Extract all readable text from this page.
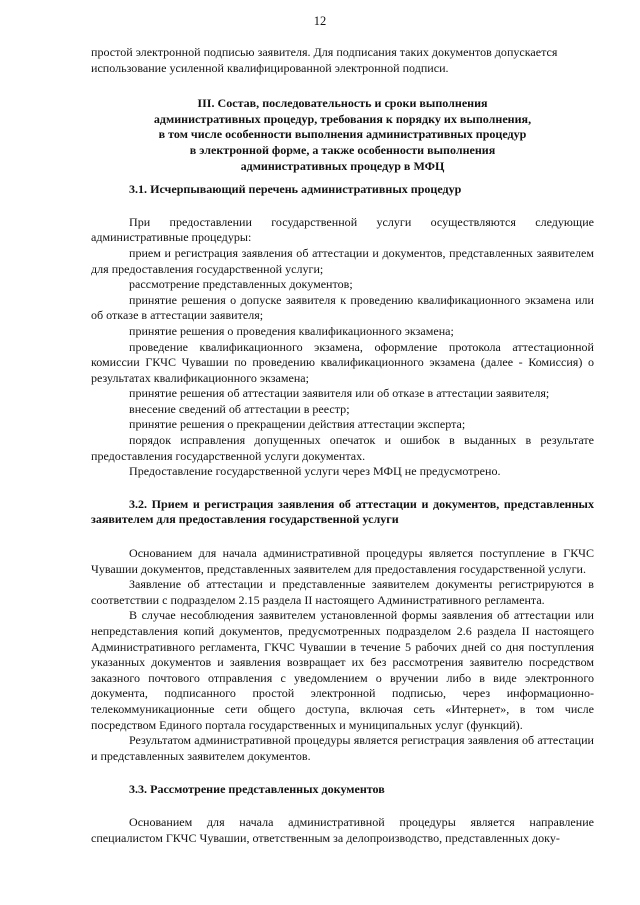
12

простой электронной подписью заявителя. Для подписания таких документов допускается

использование усиленной квалифицированной электронной подписи.

III. Состав, последовательность и сроки выполнения
административных процедур, требования к порядку их выполнения,
в том числе особенности выполнения административных процедур
в электронной форме, а также особенности выполнения
административных процедур в МФЦ
3.1. Исчерпывающий перечень административных процедур

При предоставлении государственной услуги осуществляются следующие административные процедуры:

прием и регистрация заявления об аттестации и документов, представленных заявителем для предоставления государственной услуги;

рассмотрение представленных документов;

принятие решения о допуске заявителя к проведению квалификационного экзамена или об отказе в аттестации заявителя;

принятие решения о проведения квалификационного экзамена;

проведение квалификационного экзамена, оформление протокола аттестационной комиссии ГКЧС Чувашии по проведению квалификационного экзамена (далее - Комиссия) о результатах квалификационного экзамена;

принятие решения об аттестации заявителя или об отказе в аттестации заявителя;

внесение сведений об аттестации в реестр;

принятие решения о прекращении действия аттестации эксперта;

порядок исправления допущенных опечаток и ошибок в выданных в результате предоставления государственной услуги документах.

Предоставление государственной услуги через МФЦ не предусмотрено.

3.2. Прием и регистрация заявления об аттестации и документов, представленных заявителем для предоставления государственной услуги

Основанием для начала административной процедуры является поступление в ГКЧС Чувашии документов, представленных заявителем для предоставления государственной услуги.

Заявление об аттестации и представленные заявителем документы регистрируются в соответствии с подразделом 2.15 раздела II настоящего Административного регламента.

В случае несоблюдения заявителем установленной формы заявления об аттестации или непредставления копий документов, предусмотренных подразделом 2.6 раздела II настоящего Административного регламента, ГКЧС Чувашии в течение 5 рабочих дней со дня поступления указанных документов и заявления возвращает их без рассмотрения заявителю посредством заказного почтового отправления с уведомлением о вручении либо в виде электронного документа, подписанного простой электронной подписью, через информационно-телекоммуникационные сети общего доступа, включая сеть «Интернет», в том числе посредством Единого портала государственных и муниципальных услуг (функций).

Результатом административной процедуры является регистрация заявления об аттестации и представленных заявителем документов.

3.3. Рассмотрение представленных документов

Основанием для начала административной процедуры является направление специалистом ГКЧС Чувашии, ответственным за делопроизводство, представленных доку-
